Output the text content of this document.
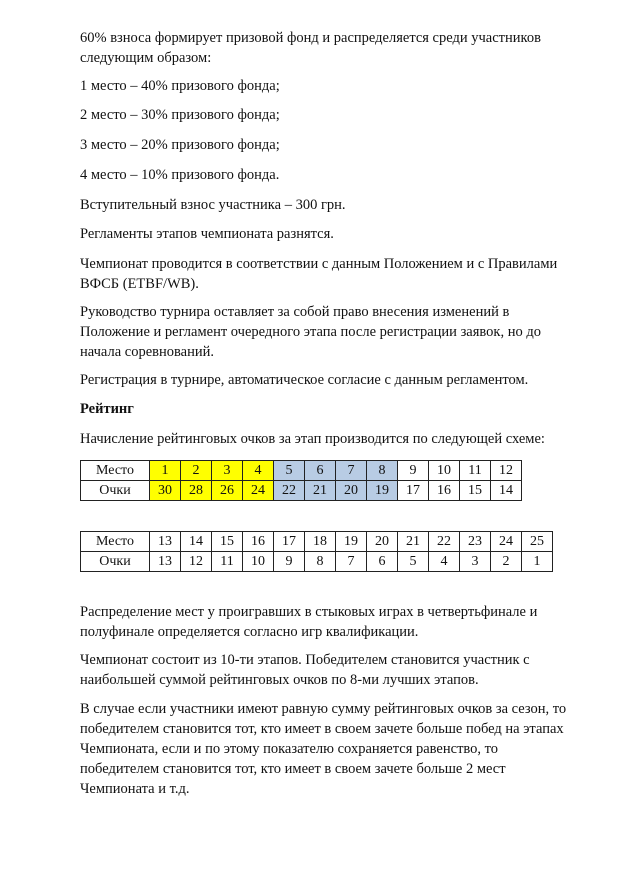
60% взноса формирует призовой фонд и распределяется среди участников следующим образом:

1 место – 40% призового фонда;

2 место – 30% призового фонда;

3 место – 20% призового фонда;

4 место – 10% призового фонда.

Вступительный взнос участника – 300 грн.

Регламенты этапов чемпионата разнятся.

Чемпионат проводится в соответствии с данным Положением и с Правилами ВФСБ (ETBF/WB).

Руководство турнира оставляет за собой право внесения изменений в Положение и регламент очередного этапа после регистрации заявок, но до начала соревнований.

Регистрация в турнире, автоматическое согласие с данным регламентом.

Рейтинг

Начисление рейтинговых очков за этап производится по следующей схеме:

Место	1	2	3	4	5	6	7	8	9	10	11	12
Очки	30	28	26	24	22	21	20	19	17	16	15	14
Место	13	14	15	16	17	18	19	20	21	22	23	24	25
Очки	13	12	11	10	9	8	7	6	5	4	3	2	1

Распределение мест у проигравших в стыковых играх в четвертьфинале и полуфинале определяется согласно игр квалификации.

Чемпионат состоит из 10-ти этапов. Победителем становится участник с наибольшей суммой рейтинговых очков по 8-ми лучших этапов.

В случае если участники имеют равную сумму рейтинговых очков за сезон, то победителем становится тот, кто имеет в своем зачете больше побед на этапах Чемпионата, если и по этому показателю сохраняется равенство, то победителем становится тот, кто имеет в своем зачете больше 2 мест Чемпионата и т.д.
